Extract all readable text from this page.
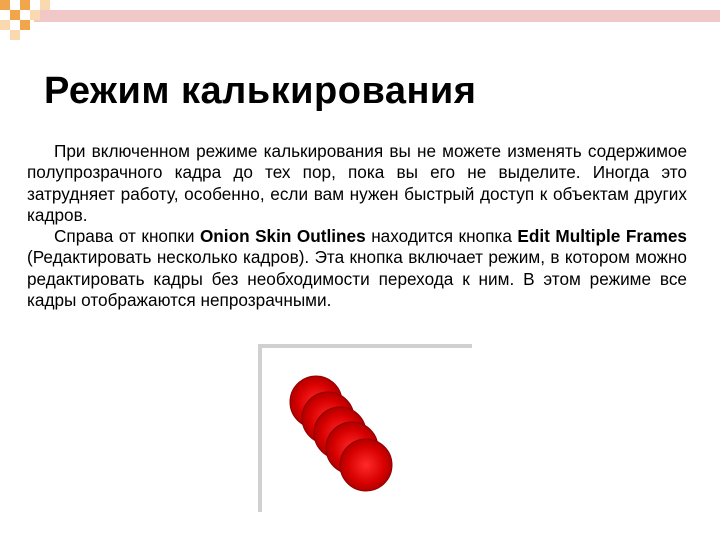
Режим калькирования

При включенном режиме калькирования вы не можете изменять содержимое полупрозрачного кадра до тех пор, пока вы его не выделите. Иногда это затрудняет работу, особенно, если вам нужен быстрый доступ к объектам других кадров.

Справа от кнопки Onion Skin Outlines находится кнопка Edit Multiple Frames (Редактировать несколько кадров). Эта кнопка включает режим, в котором можно редактировать кадры без необходимости перехода к ним. В этом режиме все кадры отображаются непрозрачными.
